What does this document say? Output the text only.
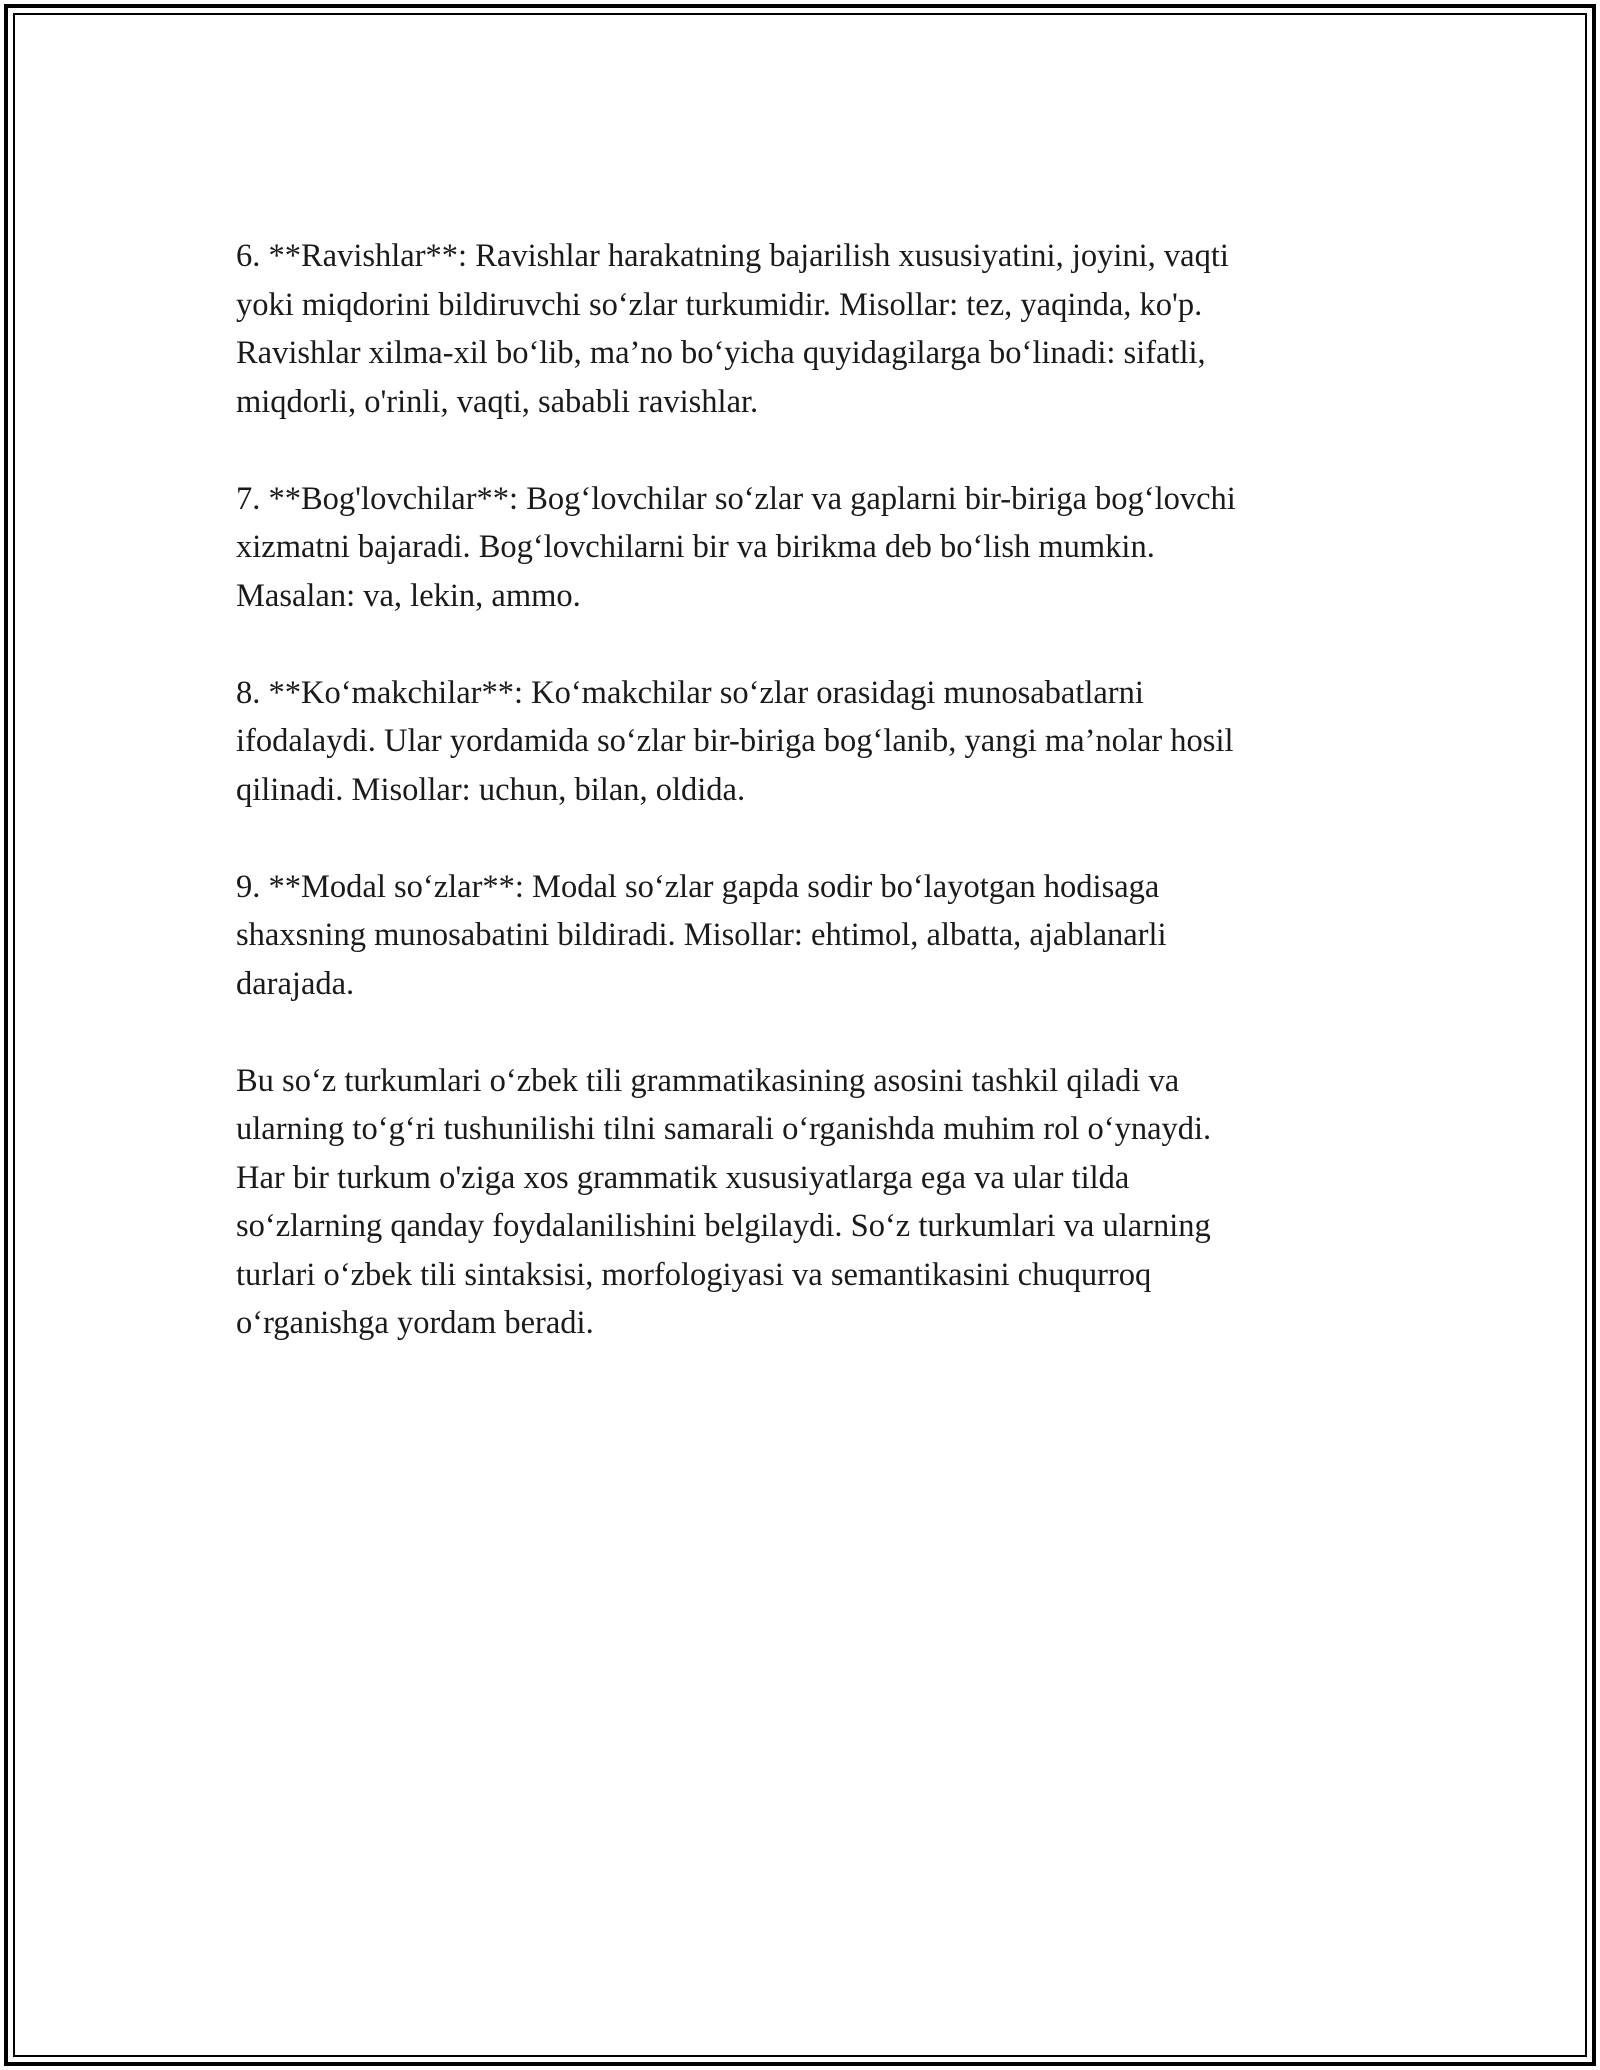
6. **Ravishlar**: Ravishlar harakatning bajarilish xususiyatini, joyini, vaqti
yoki miqdorini bildiruvchi so‘zlar turkumidir. Misollar: tez, yaqinda, ko'p.
Ravishlar xilma-xil bo‘lib, ma’no bo‘yicha quyidagilarga bo‘linadi: sifatli,
miqdorli, o'rinli, vaqti, sababli ravishlar.

7. **Bog'lovchilar**: Bog‘lovchilar so‘zlar va gaplarni bir-biriga bog‘lovchi
xizmatni bajaradi. Bog‘lovchilarni bir va birikma deb bo‘lish mumkin.
Masalan: va, lekin, ammo.

8. **Ko‘makchilar**: Ko‘makchilar so‘zlar orasidagi munosabatlarni
ifodalaydi. Ular yordamida so‘zlar bir-biriga bog‘lanib, yangi ma’nolar hosil
qilinadi. Misollar: uchun, bilan, oldida.

9. **Modal so‘zlar**: Modal so‘zlar gapda sodir bo‘layotgan hodisaga
shaxsning munosabatini bildiradi. Misollar: ehtimol, albatta, ajablanarli
darajada.

Bu so‘z turkumlari o‘zbek tili grammatikasining asosini tashkil qiladi va
ularning to‘g‘ri tushunilishi tilni samarali o‘rganishda muhim rol o‘ynaydi.
Har bir turkum o'ziga xos grammatik xususiyatlarga ega va ular tilda
so‘zlarning qanday foydalanilishini belgilaydi. So‘z turkumlari va ularning
turlari o‘zbek tili sintaksisi, morfologiyasi va semantikasini chuqurroq
o‘rganishga yordam beradi.
